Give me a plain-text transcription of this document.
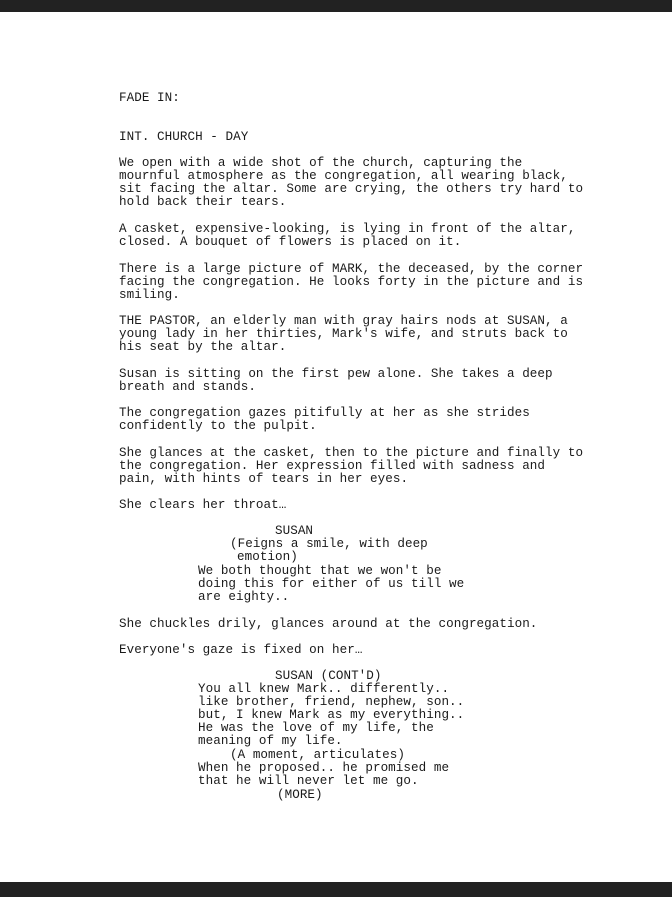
FADE IN:

INT. CHURCH - DAY

We open with a wide shot of the church, capturing the

mournful atmosphere as the congregation, all wearing black,

sit facing the altar. Some are crying, the others try hard to

hold back their tears.

A casket, expensive-looking, is lying in front of the altar,

closed. A bouquet of flowers is placed on it.

There is a large picture of MARK, the deceased, by the corner

facing the congregation. He looks forty in the picture and is

smiling.

THE PASTOR, an elderly man with gray hairs nods at SUSAN, a

young lady in her thirties, Mark's wife, and struts back to

his seat by the altar.

Susan is sitting on the first pew alone. She takes a deep

breath and stands.

The congregation gazes pitifully at her as she strides

confidently to the pulpit.

She glances at the casket, then to the picture and finally to

the congregation. Her expression filled with sadness and

pain, with hints of tears in her eyes.

She clears her throat…

SUSAN

(Feigns a smile, with deep

emotion)

We both thought that we won't be

doing this for either of us till we

are eighty..

She chuckles drily, glances around at the congregation.

Everyone's gaze is fixed on her…

SUSAN (CONT'D)

You all knew Mark.. differently..

like brother, friend, nephew, son..

but, I knew Mark as my everything..

He was the love of my life, the

meaning of my life.

(A moment, articulates)

When he proposed.. he promised me

that he will never let me go.

(MORE)
